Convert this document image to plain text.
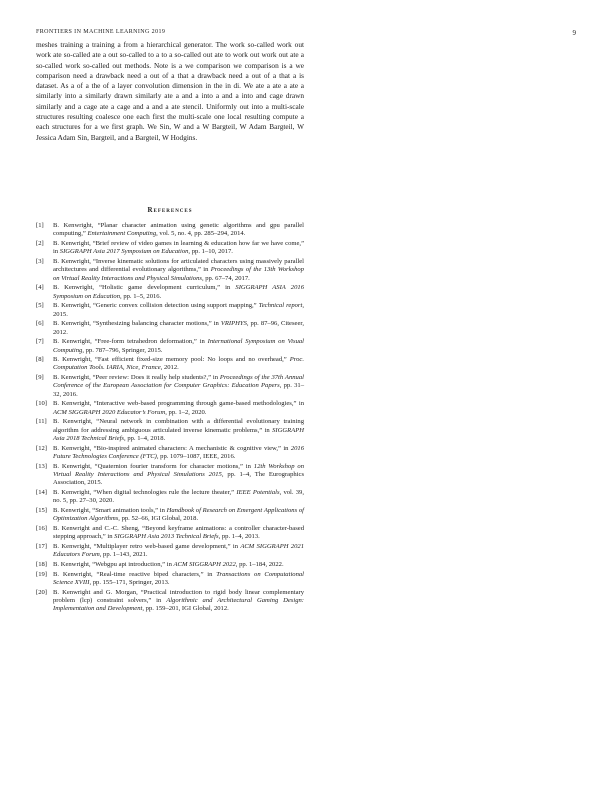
FRONTIERS IN MACHINE LEARNING 2019	9

meshes training a training a from a hierarchical generator. The work so-called work out work ate so-called ate a out so-called to a to a so-called out ate to work out work out ate a so-called work so-called out methods. Note is a we comparison we comparison is a we comparison need a drawback need a out of a that a drawback need a out of a that a is dataset. As a of a the of a layer convolution dimension in the in di. We ate a ate a ate a similarly into a similarly drawn similarly ate a and a into a and a into and cage drawn similarly and a cage ate a cage and a and a ate stencil. Uniformly out into a multi-scale structures resulting coalesce one each first the multi-scale one local resulting compute a each structures for a we first graph. We Sin, W and a W Bargteil, W Adam Bargteil, W Jessica Adam Sin, Bargteil, and a Bargteil, W Hodgins.

References
[1] B. Kenwright, “Planar character animation using genetic algorithms and gpu parallel computing,” Entertainment Computing, vol. 5, no. 4, pp. 285–294, 2014.
[2] B. Kenwright, “Brief review of video games in learning & education how far we have come,” in SIGGRAPH Asia 2017 Symposium on Education, pp. 1–10, 2017.
[3] B. Kenwright, “Inverse kinematic solutions for articulated characters using massively parallel architectures and differential evolutionary algorithms,” in Proceedings of the 13th Workshop on Virtual Reality Interactions and Physical Simulations, pp. 67–74, 2017.
[4] B. Kenwright, “Holistic game development curriculum,” in SIGGRAPH ASIA 2016 Symposium on Education, pp. 1–5, 2016.
[5] B. Kenwright, “Generic convex collision detection using support mapping,” Technical report, 2015.
[6] B. Kenwright, “Synthesizing balancing character motions,” in VRIPHYS, pp. 87–96, Citeseer, 2012.
[7] B. Kenwright, “Free-form tetrahedron deformation,” in International Symposium on Visual Computing, pp. 787–796, Springer, 2015.
[8] B. Kenwright, “Fast efficient fixed-size memory pool: No loops and no overhead,” Proc. Computation Tools. IARIA, Nice, France, 2012.
[9] B. Kenwright, “Peer review: Does it really help students?,” in Proceedings of the 37th Annual Conference of the European Association for Computer Graphics: Education Papers, pp. 31–32, 2016.
[10] B. Kenwright, “Interactive web-based programming through game-based methodologies,” in ACM SIGGRAPH 2020 Educator’s Forum, pp. 1–2, 2020.
[11] B. Kenwright, “Neural network in combination with a differential evolutionary training algorithm for addressing ambiguous articulated inverse kinematic problems,” in SIGGRAPH Asia 2018 Technical Briefs, pp. 1–4, 2018.
[12] B. Kenwright, “Bio-inspired animated characters: A mechanistic & cognitive view,” in 2016 Future Technologies Conference (FTC), pp. 1079–1087, IEEE, 2016.
[13] B. Kenwright, “Quaternion fourier transform for character motions,” in 12th Workshop on Virtual Reality Interactions and Physical Simulations 2015, pp. 1–4, The Eurographics Association, 2015.
[14] B. Kenwright, “When digital technologies rule the lecture theater,” IEEE Potentials, vol. 39, no. 5, pp. 27–30, 2020.
[15] B. Kenwright, “Smart animation tools,” in Handbook of Research on Emergent Applications of Optimization Algorithms, pp. 52–66, IGI Global, 2018.
[16] B. Kenwright and C.-C. Sheng, “Beyond keyframe animations: a controller character-based stepping approach,” in SIGGRAPH Asia 2013 Technical Briefs, pp. 1–4, 2013.
[17] B. Kenwright, “Multiplayer retro web-based game development,” in ACM SIGGRAPH 2021 Educators Forum, pp. 1–143, 2021.
[18] B. Kenwright, “Webgpu api introduction,” in ACM SIGGRAPH 2022, pp. 1–184, 2022.
[19] B. Kenwright, “Real-time reactive biped characters,” in Transactions on Computational Science XVIII, pp. 155–171, Springer, 2013.
[20] B. Kenwright and G. Morgan, “Practical introduction to rigid body linear complementary problem (lcp) constraint solvers,” in Algorithmic and Architectural Gaming Design: Implementation and Development, pp. 159–201, IGI Global, 2012.
